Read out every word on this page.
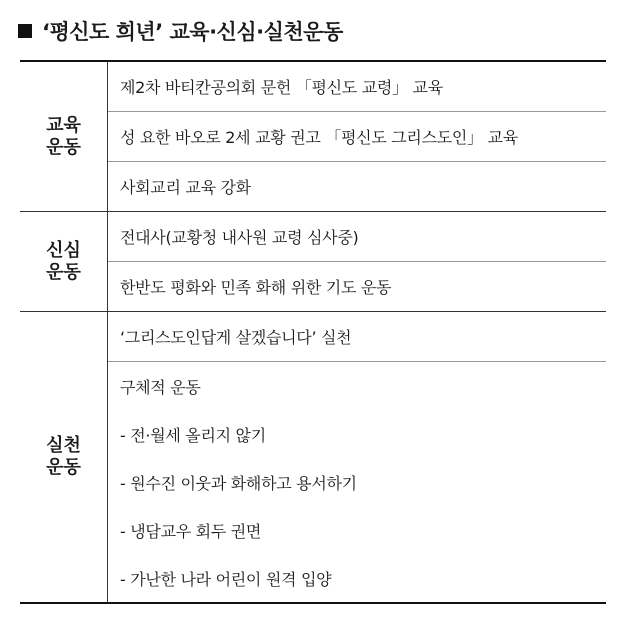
‘평신도 희년’ 교육·신심·실천운동
교육 운동
제2차 바티칸공의회 문헌 「평신도 교령」 교육
성 요한 바오로 2세 교황 권고 「평신도 그리스도인」 교육
사회교리 교육 강화
신심 운동
전대사(교황청 내사원 교령 심사중)
한반도 평화와 민족 화해 위한 기도 운동
실천 운동
‘그리스도인답게 살겠습니다’ 실천
구체적 운동
- 전·월세 올리지 않기
- 원수진 이웃과 화해하고 용서하기
- 냉담교우 회두 권면
- 가난한 나라 어린이 원격 입양
